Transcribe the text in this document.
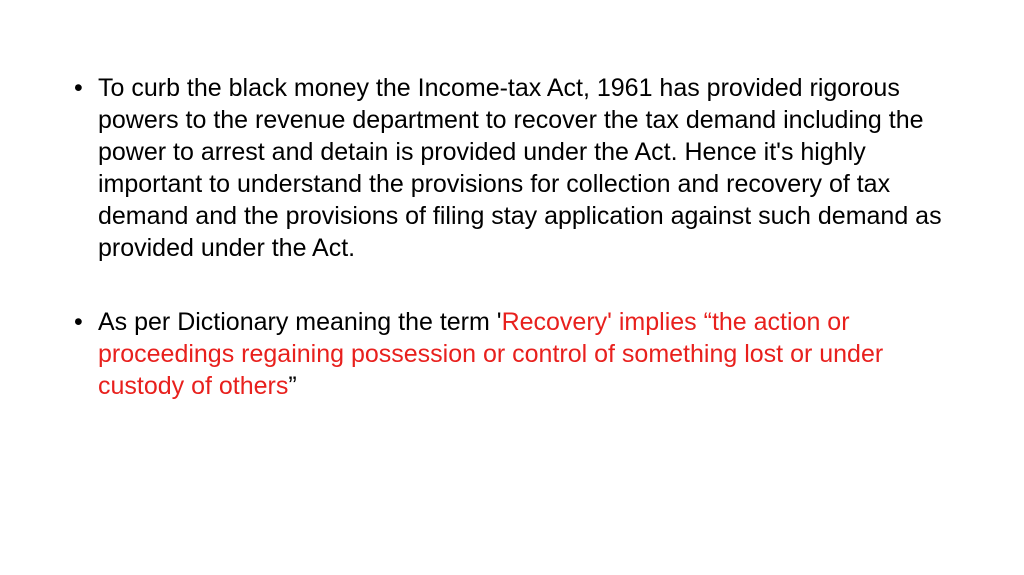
• To curb the black money the Income-tax Act, 1961 has provided rigorous powers to the revenue department to recover the tax demand including the power to arrest and detain is provided under the Act. Hence it's highly important to understand the provisions for collection and recovery of tax demand and the provisions of filing stay application against such demand as provided under the Act.
• As per Dictionary meaning the term 'Recovery' implies “the action or proceedings regaining possession or control of something lost or under custody of others”
